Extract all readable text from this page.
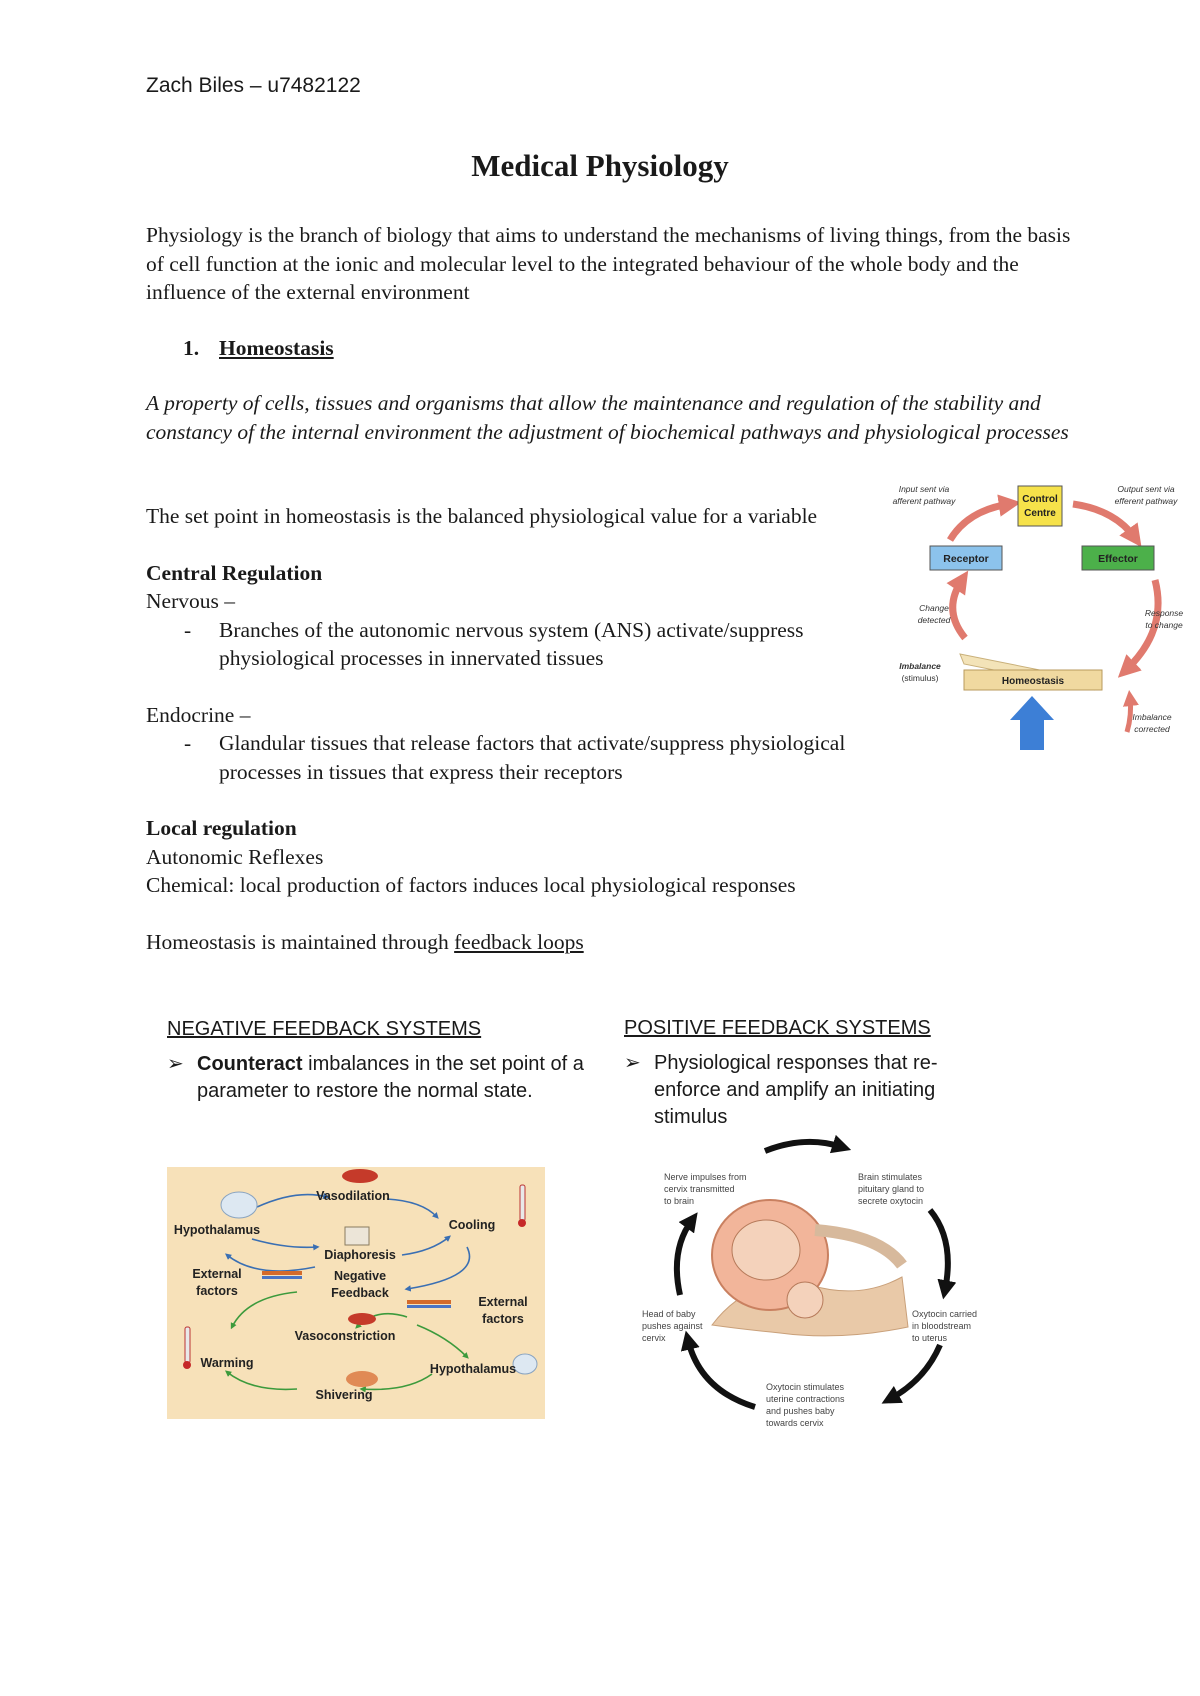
Zach Biles – u7482122
Medical Physiology
Physiology is the branch of biology that aims to understand the mechanisms of living things, from the basis of cell function at the ionic and molecular level to the integrated behaviour of the whole body and the influence of the external environment
1. Homeostasis
A property of cells, tissues and organisms that allow the maintenance and regulation of the stability and constancy of the internal environment the adjustment of biochemical pathways and physiological processes
The set point in homeostasis is the balanced physiological value for a variable
Central Regulation
Nervous –
- Branches of the autonomic nervous system (ANS) activate/suppress physiological processes in innervated tissues
Endocrine –
- Glandular tissues that release factors that activate/suppress physiological processes in tissues that express their receptors
Local regulation
Autonomic Reflexes
Chemical: local production of factors induces local physiological responses
Homeostasis is maintained through feedback loops
Control
Centre
Receptor	Effector
Homeostasis
Input sent via
afferent pathway
Output sent via
efferent pathway
Change
detected
Response
to change
Imbalance
(stimulus)
Imbalance
corrected
NEGATIVE FEEDBACK SYSTEMS
➢ Counteract imbalances in the set point of a parameter to restore the normal state.
Vasodilation
Hypothalamus	Cooling
Diaphoresis
External
factors
Negative
Feedback
External
factors
Vasoconstriction
Warming	Hypothalamus
Shivering
POSITIVE FEEDBACK SYSTEMS
➢ Physiological responses that re-enforce and amplify an initiating stimulus
Nerve impulses from
cervix transmitted
to brain
Brain stimulates
pituitary gland to
secrete oxytocin
Oxytocin carried
in bloodstream
to uterus
Oxytocin stimulates
uterine contractions
and pushes baby
towards cervix
Head of baby
pushes against
cervix
